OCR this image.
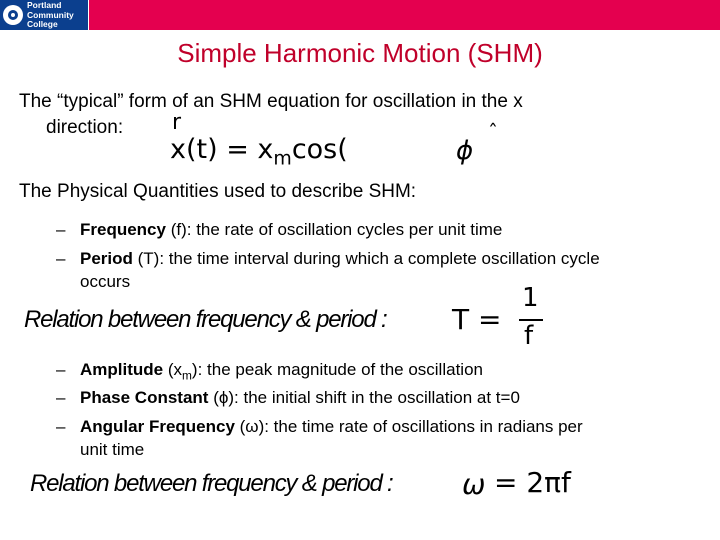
Portland
Community
College
Simple Harmonic Motion (SHM)
The “typical” form of an SHM equation for oscillation in the x
direction: r
$x(t) = x_m\cos$(	ϕ
ˆ
The Physical Quantities used to describe SHM:
– Frequency (f): the rate of oscillation cycles per unit time
– Period (T): the time interval during which a complete oscillation cycle
occurs
Relation between frequency & period : T =
1
f
– Amplitude $(x_m)$: the peak magnitude of the oscillation
– Phase Constant (ϕ): the initial shift in the oscillation at t=0
– Angular Frequency (ω): the time rate of oscillations in radians per
unit time
Relation between frequency & period : ω = 2πf
